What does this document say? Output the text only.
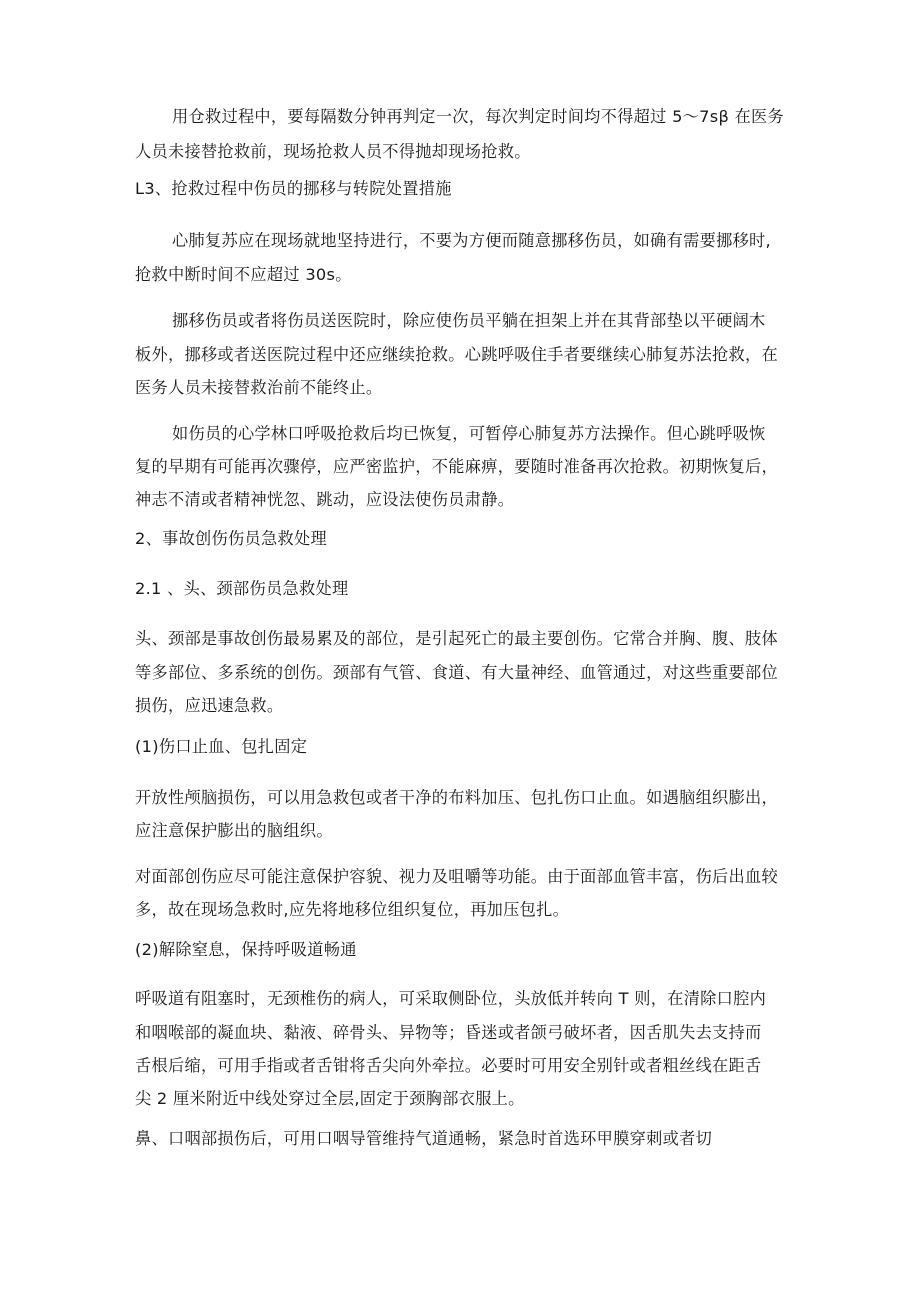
用仓救过程中，要每隔数分钟再判定一次，每次判定时间均不得超过 5～7sβ 在医务
人员未接替抢救前，现场抢救人员不得抛却现场抢救。
L3、抢救过程中伤员的挪移与转院处置措施
心肺复苏应在现场就地坚持进行，不要为方便而随意挪移伤员，如确有需要挪移时,
抢救中断时间不应超过 30s。
挪移伤员或者将伤员送医院时，除应使伤员平躺在担架上并在其背部垫以平硬阔木
板外，挪移或者送医院过程中还应继续抢救。心跳呼吸住手者要继续心肺复苏法抢救，在
医务人员未接替救治前不能终止。
如伤员的心学林口呼吸抢救后均已恢复，可暂停心肺复苏方法操作。但心跳呼吸恢
复的早期有可能再次骤停，应严密监护，不能麻痹，要随时准备再次抢救。初期恢复后，
神志不清或者精神恍忽、跳动，应设法使伤员肃静。
2、事故创伤伤员急救处理
2.1 、头、颈部伤员急救处理
头、颈部是事故创伤最易累及的部位，是引起死亡的最主要创伤。它常合并胸、腹、肢体
等多部位、多系统的创伤。颈部有气管、食道、有大量神经、血管通过，对这些重要部位
损伤，应迅速急救。
(1)伤口止血、包扎固定
开放性颅脑损伤，可以用急救包或者干净的布料加压、包扎伤口止血。如遇脑组织膨出，
应注意保护膨出的脑组织。
对面部创伤应尽可能注意保护容貌、视力及咀嚼等功能。由于面部血管丰富，伤后出血较
多，故在现场急救时,应先将地移位组织复位，再加压包扎。
(2)解除窒息，保持呼吸道畅通
呼吸道有阻塞时，无颈椎伤的病人，可采取侧卧位，头放低并转向 T 则，在清除口腔内
和咽喉部的凝血块、黏液、碎骨头、异物等；昏迷或者颌弓破坏者，因舌肌失去支持而
舌根后缩，可用手指或者舌钳将舌尖向外牵拉。必要时可用安全别针或者粗丝线在距舌
尖 2 厘米附近中线处穿过全层,固定于颈胸部衣服上。
鼻、口咽部损伤后，可用口咽导管维持气道通畅，紧急时首选环甲膜穿刺或者切
